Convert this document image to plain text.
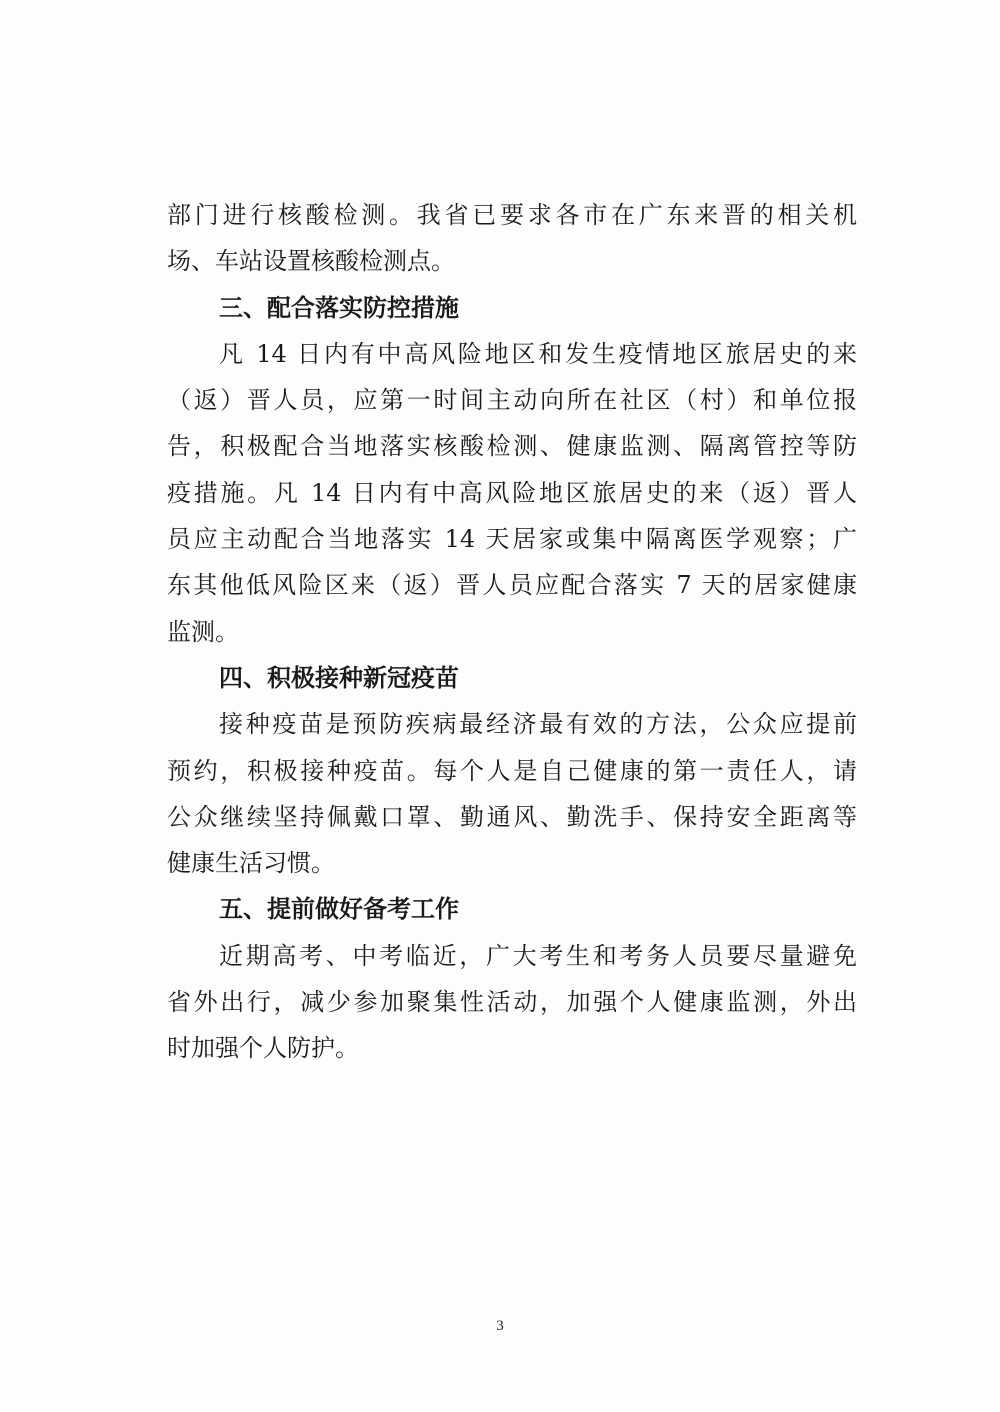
部门进行核酸检测。我省已要求各市在广东来晋的相关机
场、车站设置核酸检测点。
三、配合落实防控措施
凡 14 日内有中高风险地区和发生疫情地区旅居史的来
（返）晋人员，应第一时间主动向所在社区（村）和单位报
告，积极配合当地落实核酸检测、健康监测、隔离管控等防
疫措施。凡 14 日内有中高风险地区旅居史的来（返）晋人
员应主动配合当地落实 14 天居家或集中隔离医学观察；广
东其他低风险区来（返）晋人员应配合落实 7 天的居家健康
监测。
四、积极接种新冠疫苗
接种疫苗是预防疾病最经济最有效的方法，公众应提前
预约，积极接种疫苗。每个人是自己健康的第一责任人，请
公众继续坚持佩戴口罩、勤通风、勤洗手、保持安全距离等
健康生活习惯。
五、提前做好备考工作
近期高考、中考临近，广大考生和考务人员要尽量避免
省外出行，减少参加聚集性活动，加强个人健康监测，外出
时加强个人防护。
3
